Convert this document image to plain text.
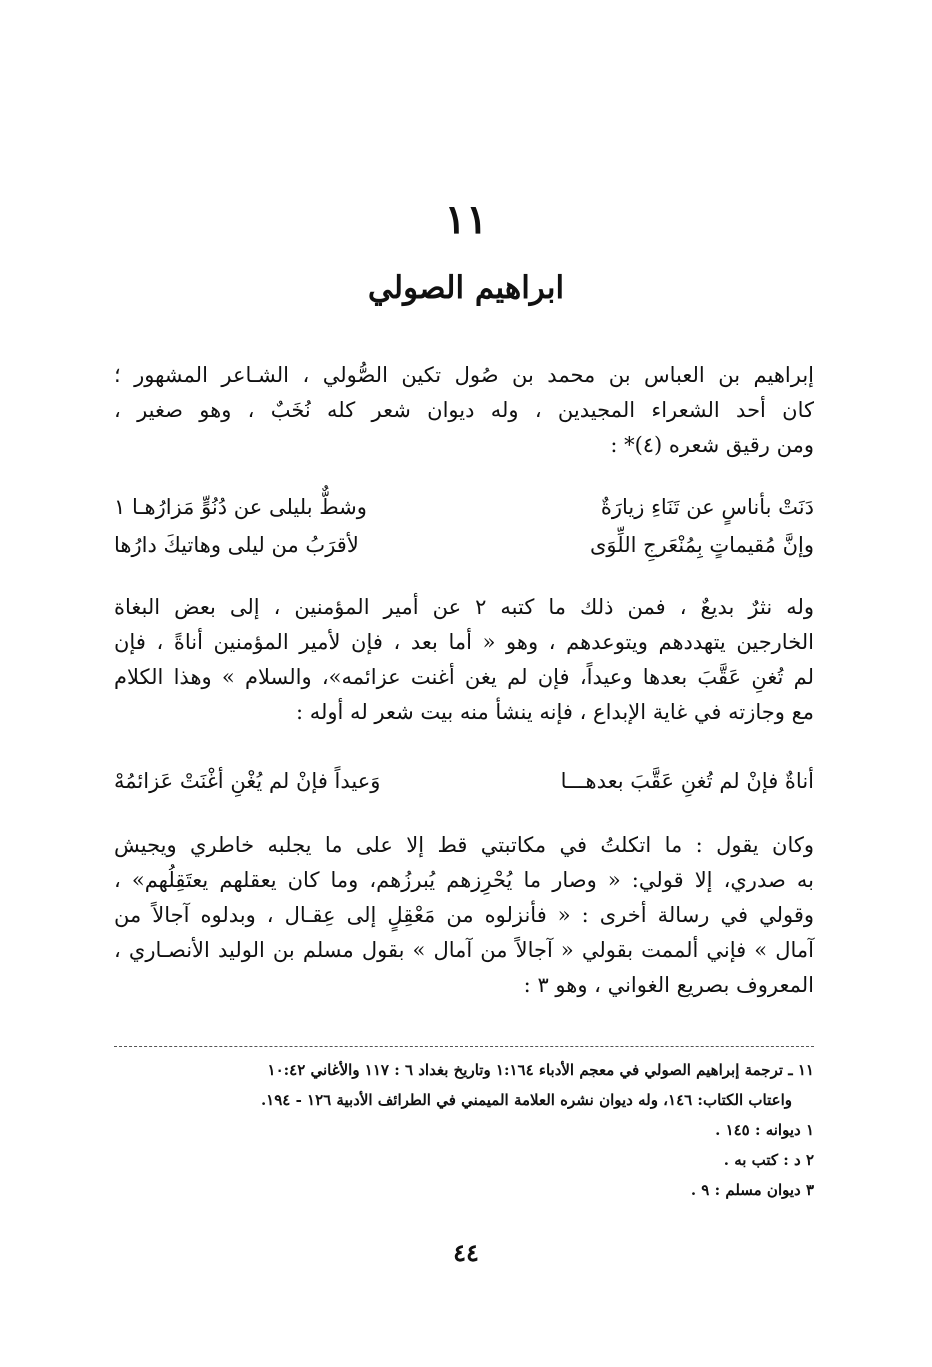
١١
ابراهيم الصولي
إبراهيم بن العباس بن محمد بن صُول تكين الصُّولي ، الشـاعر المشهور ؛
كان أحد الشعراء المجيدين ، وله ديوان شعر كله نُخَبٌ ، وهو صغير ،
ومن رقيق شعره (٤)* :
دَنَتْ بأناسٍ عن تَنَاءِ زيارَةٌ
وشطٌّ بليلى عن دُنُوٍّ مَزارُهـا ١
وإنَّ مُقيماتٍ بِمُنْعَرجِ اللِّوَى
لأقرَبُ من ليلى وهاتيكَ دارُها
وله نثرٌ بديعٌ ، فمن ذلك ما كتبه ٢ عن أمير المؤمنين ، إلى بعض البغاة
الخارجين يتهددهم ويتوعدهم ، وهو « أما بعد ، فإن لأمير المؤمنين أناةً ، فإن
لم تُغنِ عَقَّبَ بعدها وعيداً، فإن لم يغن أغنت عزائمه»، والسلام » وهذا الكلام
مع وجازته في غاية الإبداع ، فإنه ينشأ منه بيت شعر له أوله :
أناةٌ فإنْ لم تُغنِ عَقَّبَ بعدهـــا
وَعيداً فإنْ لم يُغْنِ أغْنَتْ عَزائمُهْ
وكان يقول : ما اتكلتُ في مكاتبتي قط إلا على ما يجلبه خاطري ويجيش
به صدري، إلا قولي: « وصار ما يُحْرِزهم يُبرزُهم، وما كان يعقلهم يعتَقِلُهم» ،
وقولي في رسالة أخرى : « فأنزلوه من مَعْقِلٍ إلى عِقـال ، وبدلوه آجالاً من
آمال » فإني ألممت بقولي « آجالاً من آمال » بقول مسلم بن الوليد الأنصـاري ،
المعروف بصريع الغواني ، وهو ٣ :
١١ ـ ترجمة إبراهيم الصولي في معجم الأدباء ١:١٦٤ وتاريخ بغداد ٦ : ١١٧ والأغاني ١٠:٤٢
واعتاب الكتاب: ١٤٦، وله ديوان نشره العلامة الميمني في الطرائف الأدبية ١٢٦ - ١٩٤.
١ ديوانه : ١٤٥ .
٢ د : كتب به .
٣ ديوان مسلم : ٩ .
٤٤
